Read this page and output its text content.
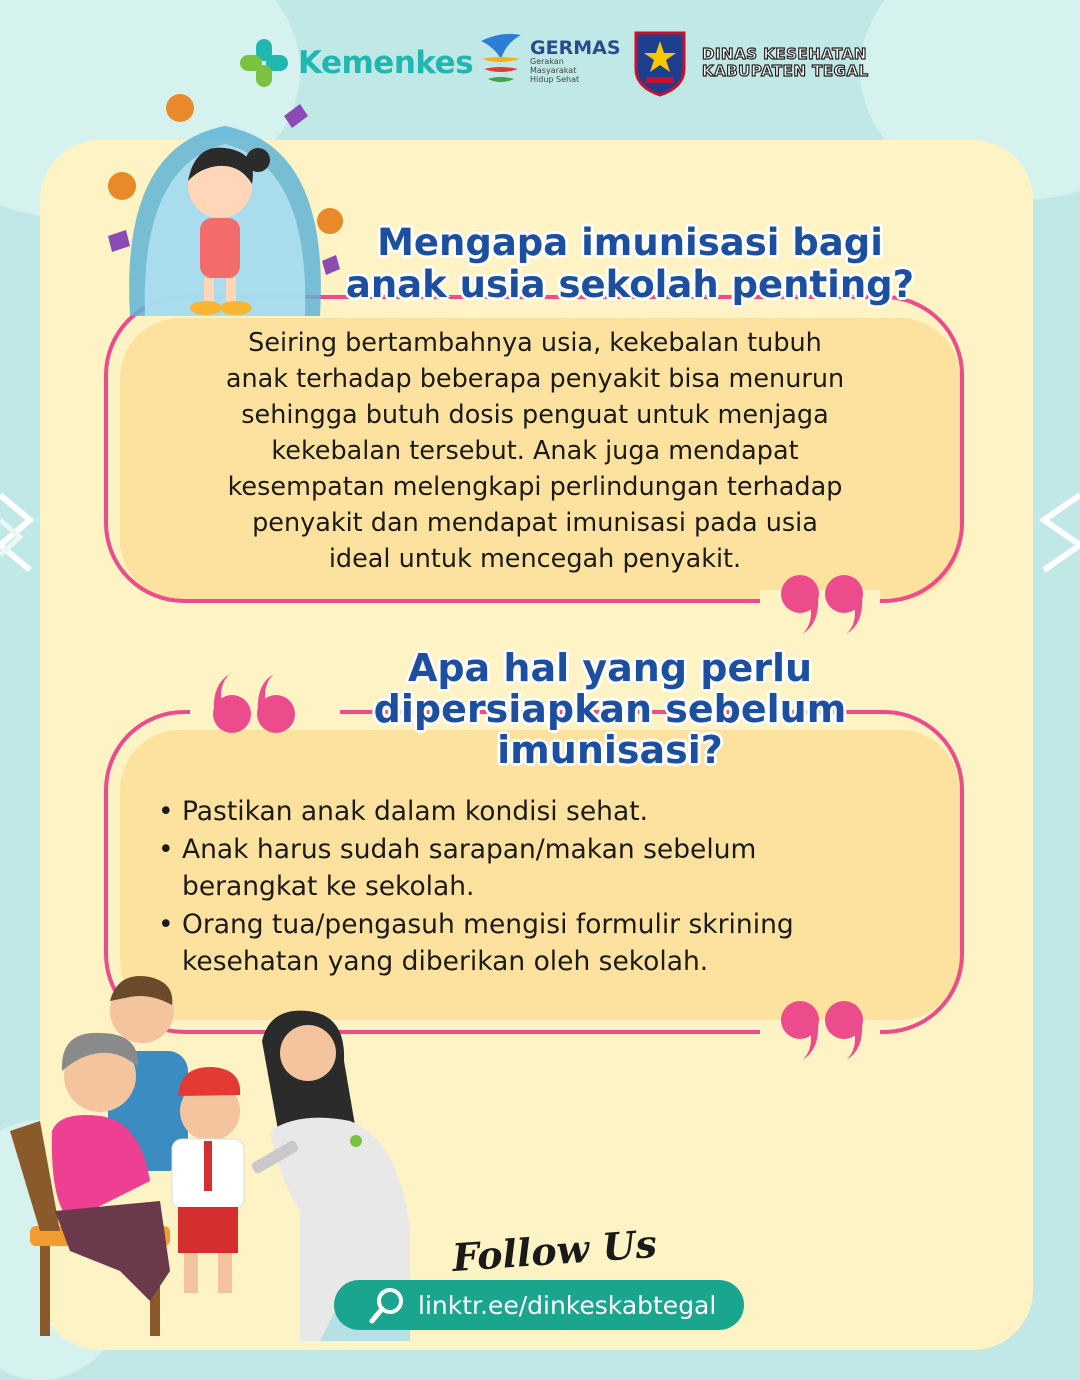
Kemenkes	GERMAS
Gerakan Masyarakat Hidup Sehat
DINAS KESEHATAN
KABUPATEN TEGAL
Mengapa imunisasi bagi
anak usia sekolah penting?
Seiring bertambahnya usia, kekebalan tubuh
anak terhadap beberapa penyakit bisa menurun
sehingga butuh dosis penguat untuk menjaga
kekebalan tersebut. Anak juga mendapat
kesempatan melengkapi perlindungan terhadap
penyakit dan mendapat imunisasi pada usia
ideal untuk mencegah penyakit.
Apa hal yang perlu
dipersiapkan sebelum
imunisasi?
• Pastikan anak dalam kondisi sehat.
• Anak harus sudah sarapan/makan sebelum
berangkat ke sekolah.
• Orang tua/pengasuh mengisi formulir skrining
kesehatan yang diberikan oleh sekolah.
Follow Us
linktr.ee/dinkeskabtegal
